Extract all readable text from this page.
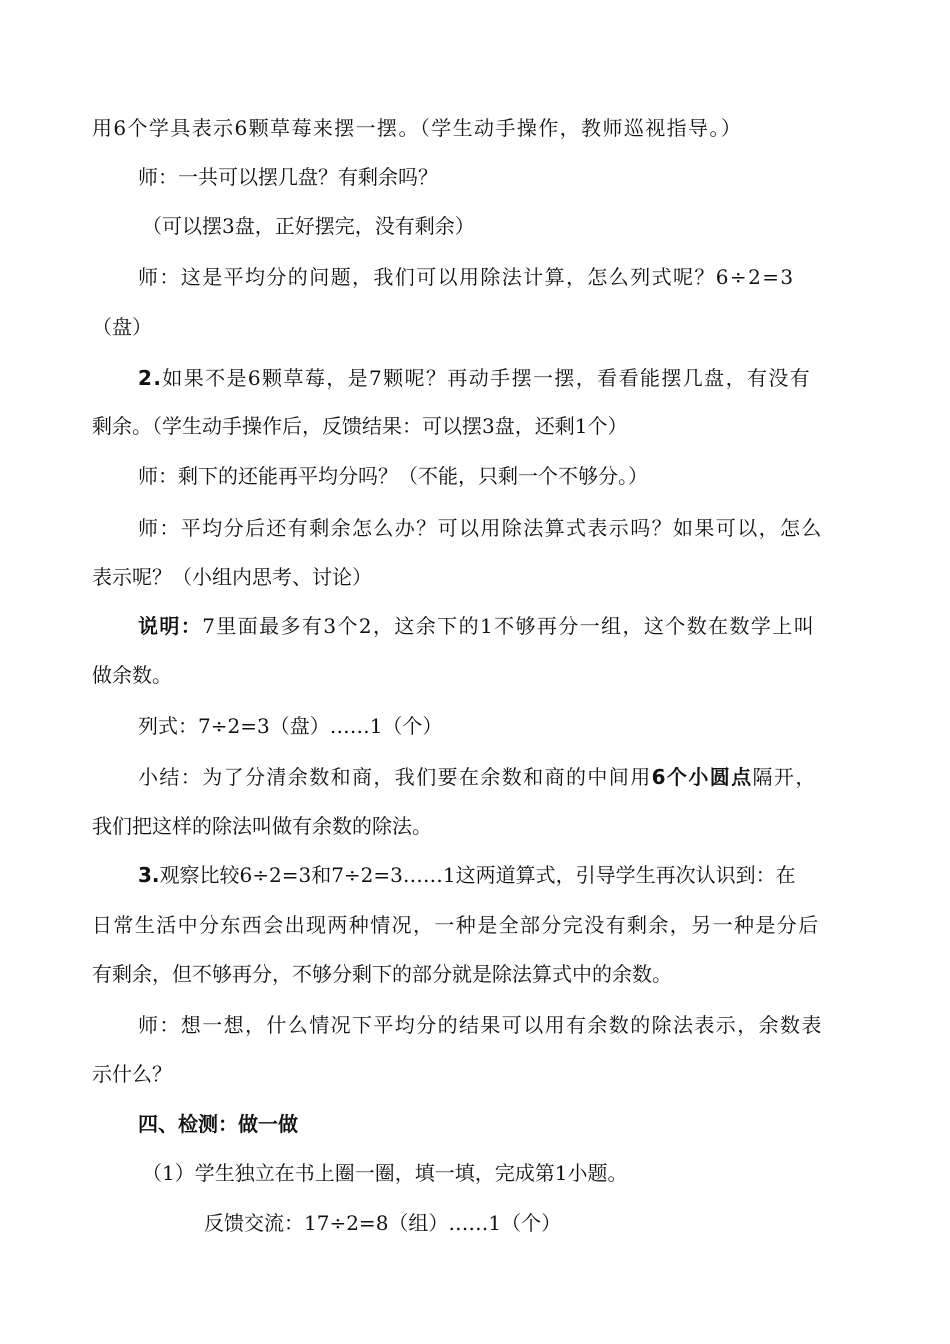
用6个学具表示6颗草莓来摆一摆。（学生动手操作，教师巡视指导。）
师：一共可以摆几盘？有剩余吗？
（可以摆3盘，正好摆完，没有剩余）
师：这是平均分的问题，我们可以用除法计算，怎么列式呢？6÷2=3
（盘）
2.如果不是6颗草莓，是7颗呢？再动手摆一摆，看看能摆几盘，有没有
剩余。（学生动手操作后，反馈结果：可以摆3盘，还剩1个）
师：剩下的还能再平均分吗？（不能，只剩一个不够分。）
师：平均分后还有剩余怎么办？可以用除法算式表示吗？如果可以，怎么
表示呢？（小组内思考、讨论）
说明：7里面最多有3个2，这余下的1不够再分一组，这个数在数学上叫
做余数。
列式：7÷2=3（盘）……1（个）
小结：为了分清余数和商，我们要在余数和商的中间用6个小圆点隔开，
我们把这样的除法叫做有余数的除法。
3.观察比较6÷2=3和7÷2=3……1这两道算式，引导学生再次认识到：在
日常生活中分东西会出现两种情况，一种是全部分完没有剩余，另一种是分后
有剩余，但不够再分，不够分剩下的部分就是除法算式中的余数。
师：想一想，什么情况下平均分的结果可以用有余数的除法表示，余数表
示什么？
四、检测：做一做
（1）学生独立在书上圈一圈，填一填，完成第1小题。
反馈交流：17÷2=8（组）……1（个）
